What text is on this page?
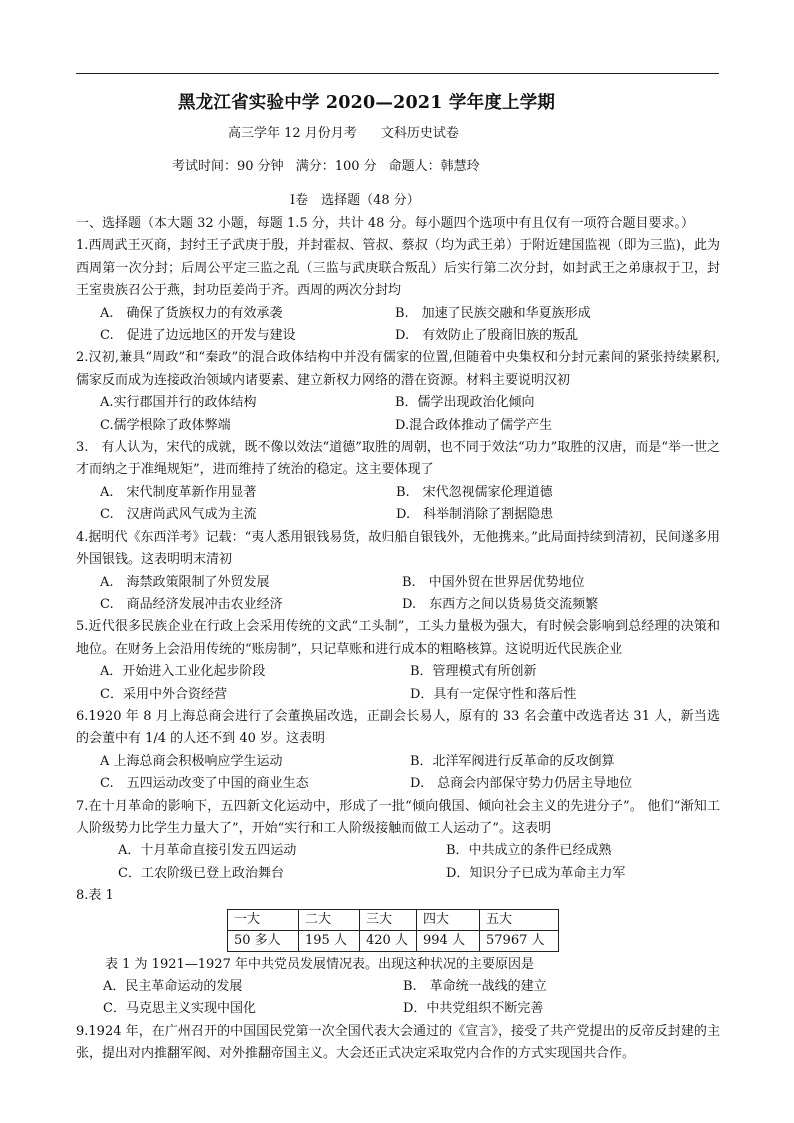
黑龙江省实验中学 2020—2021 学年度上学期
高三学年 12 月份月考 文科历史试卷
考试时间：90 分钟 满分：100 分 命题人：韩慧玲
Ⅰ卷　选择题（48 分）

一、选择题（本大题 32 小题，每题 1.5 分，共计 48 分。每小题四个选项中有且仅有一项符合题目要求。）

1.西周武王灭商，封纣王子武庚于殷，并封霍叔、管叔、蔡叔（均为武王弟）于附近建国监视（即为三监)，此为西周第一次分封；后周公平定三监之乱（三监与武庚联合叛乱）后实行第二次分封，如封武王之弟康叔于卫，封王室贵族召公于燕，封功臣姜尚于齐。西周的两次分封均

A.　确保了货族权力的有效承袭	B.　加速了民族交融和华夏族形成
C.　促进了边远地区的开发与建设	D.　有效防止了殷商旧族的叛乱

2.汉初,兼具“周政”和“秦政”的混合政体结构中并没有儒家的位置,但随着中央集权和分封元素间的紧张持续累积,儒家反而成为连接政治领域内诸要素、建立新权力网络的潜在资源。材料主要说明汉初

A.实行郡国并行的政体结构	B．儒学出现政治化倾向
C.儒学根除了政体弊端	D.混合政体推动了儒学产生

3.　有人认为，宋代的成就，既不像以效法“道德”取胜的周朝，也不同于效法“功力”取胜的汉唐，而是“举一世之才而纳之于准绳规矩”，进而维持了统治的稳定。这主要体现了

A.　宋代制度革新作用显著	B.　宋代忽视儒家伦理道德
C.　汉唐尚武风气成为主流	D.　科举制消除了割据隐患

4.据明代《东西洋考》记载：“夷人悉用银钱易货，故归船自银钱外，无他携来。”此局面持续到清初，民间遂多用外国银钱。这表明明末清初

A.　海禁政策限制了外贸发展	B.　中国外贸在世界居优势地位
C.　商品经济发展冲击农业经济	D.　东西方之间以货易货交流频繁

5.近代很多民族企业在行政上会采用传统的文武“工头制”，工头力量极为强大，有时候会影响到总经理的决策和地位。在财务上会沿用传统的“账房制”，只记草账和进行成本的粗略核算。这说明近代民族企业

A．开始进入工业化起步阶段	B．管理模式有所创新
C．采用中外合资经营	D．具有一定保守性和落后性

6.1920 年 8 月上海总商会进行了会董换届改选，正副会长易人，原有的 33 名会董中改选者达 31 人，新当选的会董中有 1/4 的人还不到 40 岁。这表明

A 上海总商会积极响应学生运动	B．北洋军阀进行反革命的反攻倒算
C.　五四运动改变了中国的商业生态	D.　总商会内部保守势力仍居主导地位

7.在十月革命的影响下，五四新文化运动中，形成了一批“倾向俄国、倾向社会主义的先进分子”。 他们“渐知工人阶级势力比学生力量大了”，开始“实行和工人阶级接触而做工人运动了”。这表明

A．十月革命直接引发五四运动	B．中共成立的条件已经成熟
C．工农阶级已登上政治舞台	D．知识分子已成为革命主力军

8.表 1

一大	二大	三大	四大	五大
50 多人	195 人	420 人	994 人	57967 人

表 1 为 1921—1927 年中共党员发展情况表。出现这种状况的主要原因是

A．民主革命运动的发展	B.　革命统一战线的建立
C．马克思主义实现中国化	D．中共党组织不断完善

9.1924 年，在广州召开的中国国民党第一次全国代表大会通过的《宣言》，接受了共产党提出的反帝反封建的主张，提出对内推翻军阀、对外推翻帝国主义。大会还正式决定采取党内合作的方式实现国共合作。
